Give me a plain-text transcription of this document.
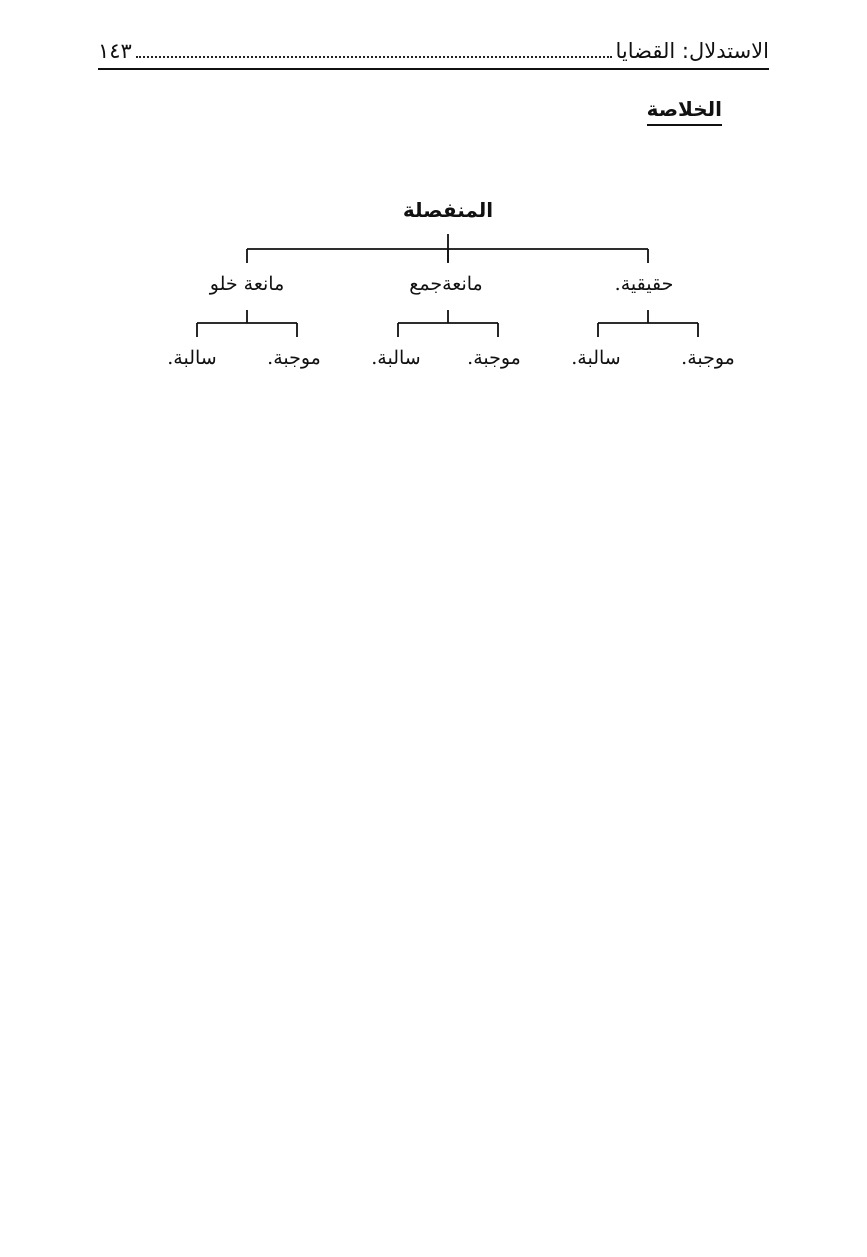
الاستدلال: القضايا
١٤٣
الخلاصة
المنفصلة
حقيقية.
مانعةجمع
مانعة خلو
موجبة.
سالبة.
موجبة.
سالبة.
موجبة.
سالبة.
